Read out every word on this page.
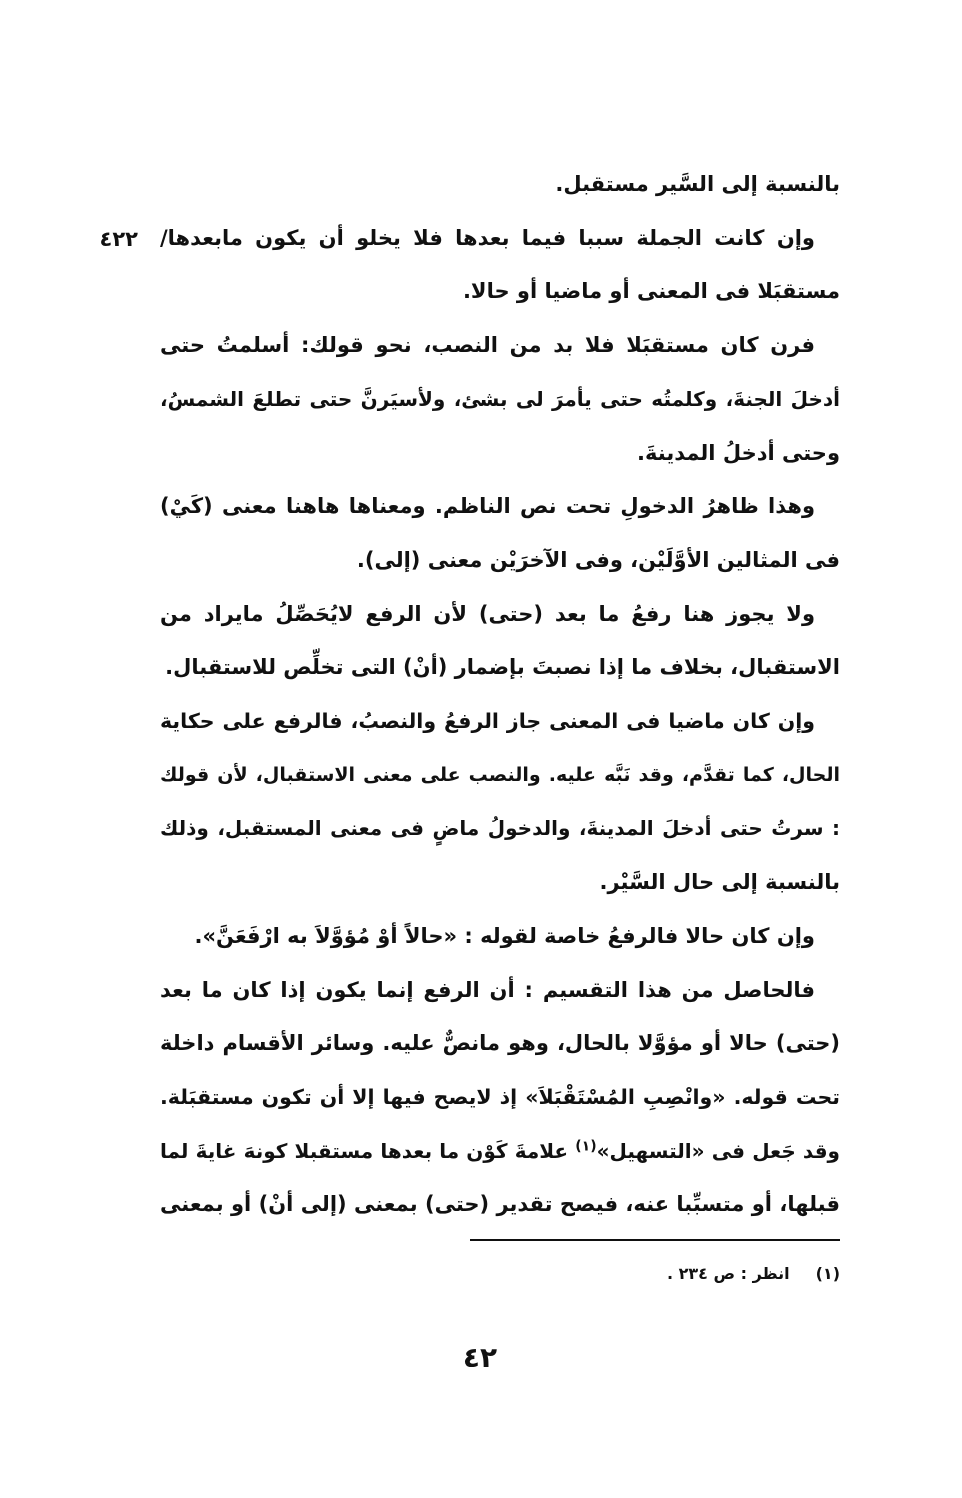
٤٢٢
بالنسبة إلى السَّير مستقبل.
وإن كانت الجملة سببا فيما بعدها فلا يخلو أن يكون مابعدها/
مستقبَلا فى المعنى أو ماضيا أو حالا.
فرن كان مستقبَلا فلا بد من النصب، نحو قولك: أسلمتُ حتى
أدخلَ الجنةَ، وكلمتُه حتى يأمرَ لى بشئ، ولأسيَرنَّ حتى تطلعَ الشمسُ،
وحتى أدخلُ المدينةَ.
وهذا ظاهرُ الدخولِ تحت نص الناظم. ومعناها هاهنا معنى (كَيْ)
فى المثالين الأوَّلَيْن، وفى الآخرَيْن معنى (إلى).
ولا يجوز هنا رفعُ ما بعد (حتى) لأن الرفع لايُحَصِّلُ مايراد من
الاستقبال، بخلاف ما إذا نصبتَ بإضمار (أنْ) التى تخلِّص للاستقبال.
وإن كان ماضيا فى المعنى جاز الرفعُ والنصبُ، فالرفع على حكاية
الحال، كما تقدَّم، وقد نَبَّه عليه. والنصب على معنى الاستقبال، لأن قولك
: سرتُ حتى أدخلَ المدينةَ، والدخولُ ماضٍ فى معنى المستقبل، وذلك
بالنسبة إلى حال السَّيْر.
وإن كان حالا فالرفعُ خاصة لقوله : «حالاً أوْ مُؤوَّلاَ به ارْفَعَنَّ».
فالحاصل من هذا التقسيم : أن الرفع إنما يكون إذا كان ما بعد
(حتى) حالا أو مؤوَّلا بالحال، وهو مانصٌّ عليه. وسائر الأقسام داخلة
تحت قوله. «وانْصِبِ المُسْتَقْبَلاَ» إذ لايصح فيها إلا أن تكون مستقبَلة.
وقد جَعل فى «التسهيل»$^{(١)}$ علامةَ كَوْن ما بعدها مستقبلا كونهَ غايةَ لما
قبلها، أو متسبِّبا عنه، فيصح تقدير (حتى) بمعنى (إلى أنْ) أو بمعنى
(١)
انظر : ص ٢٣٤ .
٤٢
